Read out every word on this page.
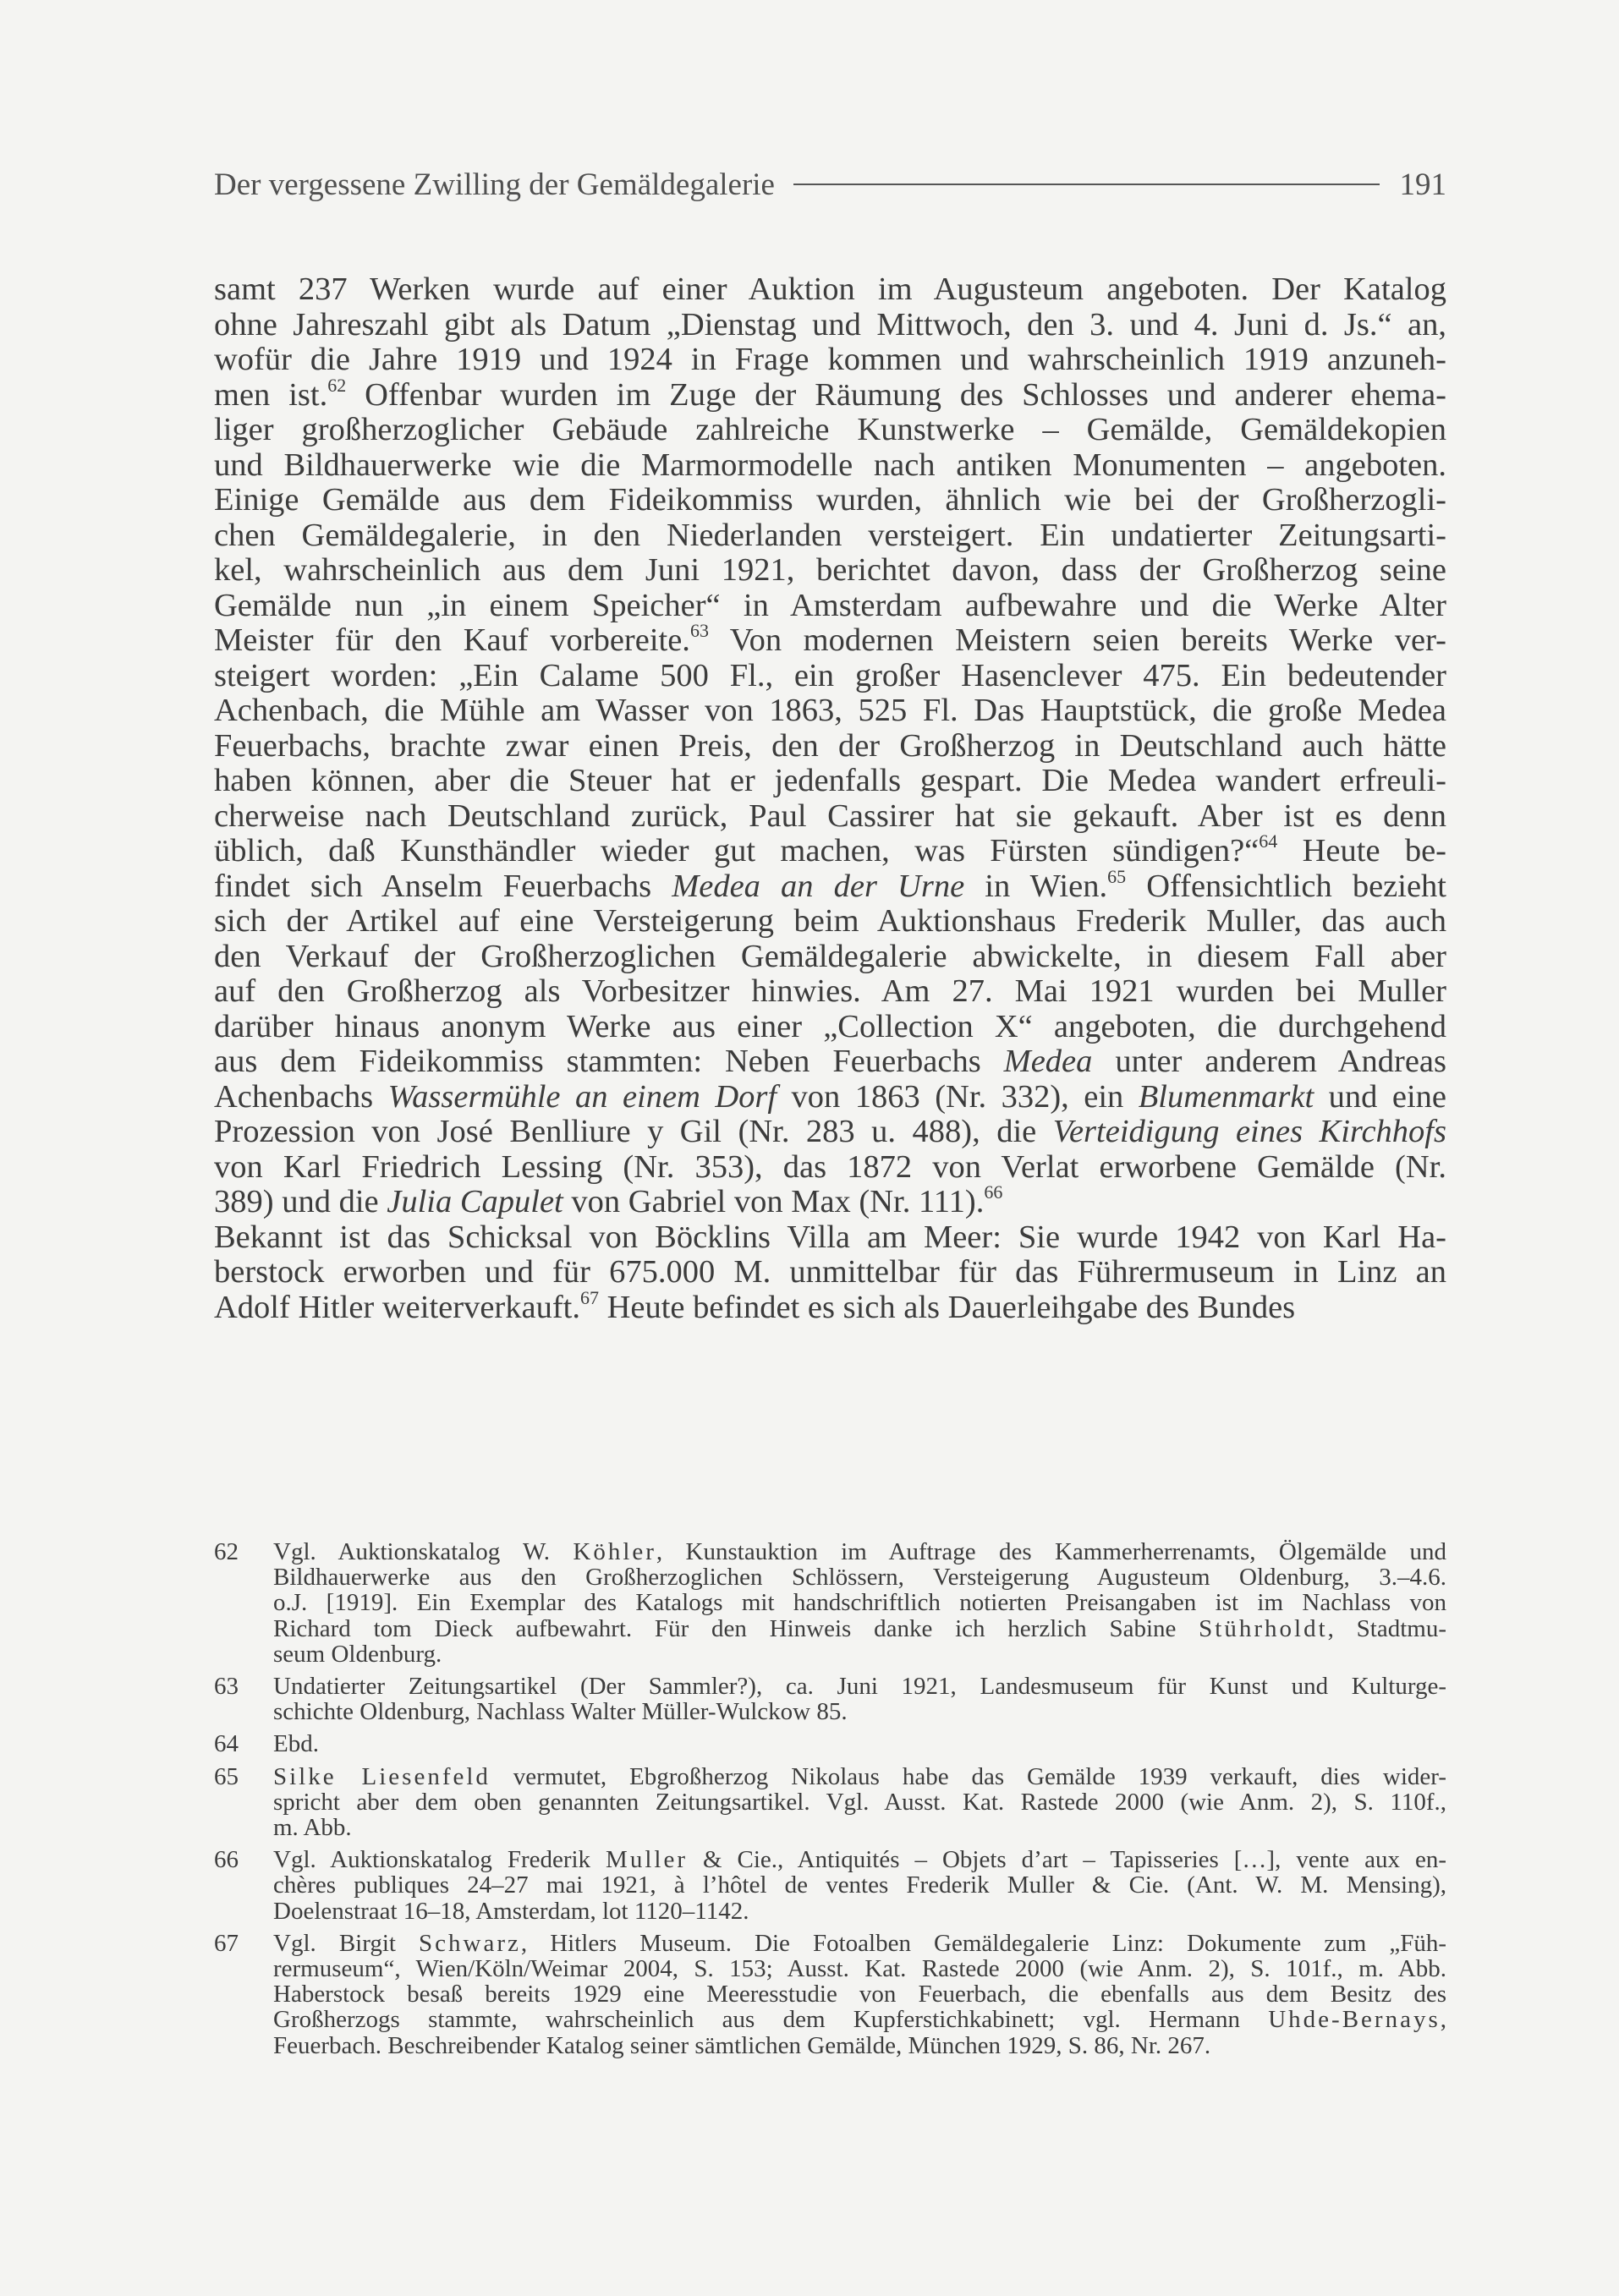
Der vergessene Zwilling der Gemäldegalerie	191
samt 237 Werken wurde auf einer Auktion im Augusteum angeboten. Der Katalog
ohne Jahreszahl gibt als Datum „Dienstag und Mittwoch, den 3. und 4. Juni d. Js.“ an,
wofür die Jahre 1919 und 1924 in Frage kommen und wahrscheinlich 1919 anzuneh-
men ist.$^{62}$ Offenbar wurden im Zuge der Räumung des Schlosses und anderer ehema-
liger großherzoglicher Gebäude zahlreiche Kunstwerke – Gemälde, Gemäldekopien
und Bildhauerwerke wie die Marmormodelle nach antiken Monumenten – angeboten.
Einige Gemälde aus dem Fideikommiss wurden, ähnlich wie bei der Großherzogli-
chen Gemäldegalerie, in den Niederlanden versteigert. Ein undatierter Zeitungsarti-
kel, wahrscheinlich aus dem Juni 1921, berichtet davon, dass der Großherzog seine
Gemälde nun „in einem Speicher“ in Amsterdam aufbewahre und die Werke Alter
Meister für den Kauf vorbereite.$^{63}$ Von modernen Meistern seien bereits Werke ver-
steigert worden: „Ein Calame 500 Fl., ein großer Hasenclever 475. Ein bedeutender
Achenbach, die Mühle am Wasser von 1863, 525 Fl. Das Hauptstück, die große Medea
Feuerbachs, brachte zwar einen Preis, den der Großherzog in Deutschland auch hätte
haben können, aber die Steuer hat er jedenfalls gespart. Die Medea wandert erfreuli-
cherweise nach Deutschland zurück, Paul Cassirer hat sie gekauft. Aber ist es denn
üblich, daß Kunsthändler wieder gut machen, was Fürsten sündigen?“$^{64}$ Heute be-
findet sich Anselm Feuerbachs Medea an der Urne in Wien.$^{65}$ Offensichtlich bezieht
sich der Artikel auf eine Versteigerung beim Auktionshaus Frederik Muller, das auch
den Verkauf der Großherzoglichen Gemäldegalerie abwickelte, in diesem Fall aber
auf den Großherzog als Vorbesitzer hinwies. Am 27. Mai 1921 wurden bei Muller
darüber hinaus anonym Werke aus einer „Collection X“ angeboten, die durchgehend
aus dem Fideikommiss stammten: Neben Feuerbachs Medea unter anderem Andreas
Achenbachs Wassermühle an einem Dorf von 1863 (Nr. 332), ein Blumenmarkt und eine
Prozession von José Benlliure y Gil (Nr. 283 u. 488), die Verteidigung eines Kirchhofs
von Karl Friedrich Lessing (Nr. 353), das 1872 von Verlat erworbene Gemälde (Nr.
389) und die Julia Capulet von Gabriel von Max (Nr. 111).$^{66}$
Bekannt ist das Schicksal von Böcklins Villa am Meer: Sie wurde 1942 von Karl Ha-
berstock erworben und für 675.000 M. unmittelbar für das Führermuseum in Linz an
Adolf Hitler weiterverkauft.$^{67}$ Heute befindet es sich als Dauerleihgabe des Bundes
62	Vgl. Auktionskatalog W. Köhler, Kunstauktion im Auftrage des Kammerherrenamts, Ölgemälde und
Bildhauerwerke aus den Großherzoglichen Schlössern, Versteigerung Augusteum Oldenburg, 3.–4.6.
o.J. [1919]. Ein Exemplar des Katalogs mit handschriftlich notierten Preisangaben ist im Nachlass von
Richard tom Dieck aufbewahrt. Für den Hinweis danke ich herzlich Sabine Stührholdt, Stadtmu-
seum Oldenburg.
63	Undatierter Zeitungsartikel (Der Sammler?), ca. Juni 1921, Landesmuseum für Kunst und Kulturge-
schichte Oldenburg, Nachlass Walter Müller-Wulckow 85.
64	Ebd.
65	Silke Liesenfeld vermutet, Ebgroßherzog Nikolaus habe das Gemälde 1939 verkauft, dies wider-
spricht aber dem oben genannten Zeitungsartikel. Vgl. Ausst. Kat. Rastede 2000 (wie Anm. 2), S. 110f.,
m. Abb.
66	Vgl. Auktionskatalog Frederik Muller & Cie., Antiquités – Objets d’art – Tapisseries […], vente aux en-
chères publiques 24–27 mai 1921, à l’hôtel de ventes Frederik Muller & Cie. (Ant. W. M. Mensing),
Doelenstraat 16–18, Amsterdam, lot 1120–1142.
67	Vgl. Birgit Schwarz, Hitlers Museum. Die Fotoalben Gemäldegalerie Linz: Dokumente zum „Füh-
rermuseum“, Wien/Köln/Weimar 2004, S. 153; Ausst. Kat. Rastede 2000 (wie Anm. 2), S. 101f., m. Abb.
Haberstock besaß bereits 1929 eine Meeresstudie von Feuerbach, die ebenfalls aus dem Besitz des
Großherzogs stammte, wahrscheinlich aus dem Kupferstichkabinett; vgl. Hermann Uhde-Bernays,
Feuerbach. Beschreibender Katalog seiner sämtlichen Gemälde, München 1929, S. 86, Nr. 267.
